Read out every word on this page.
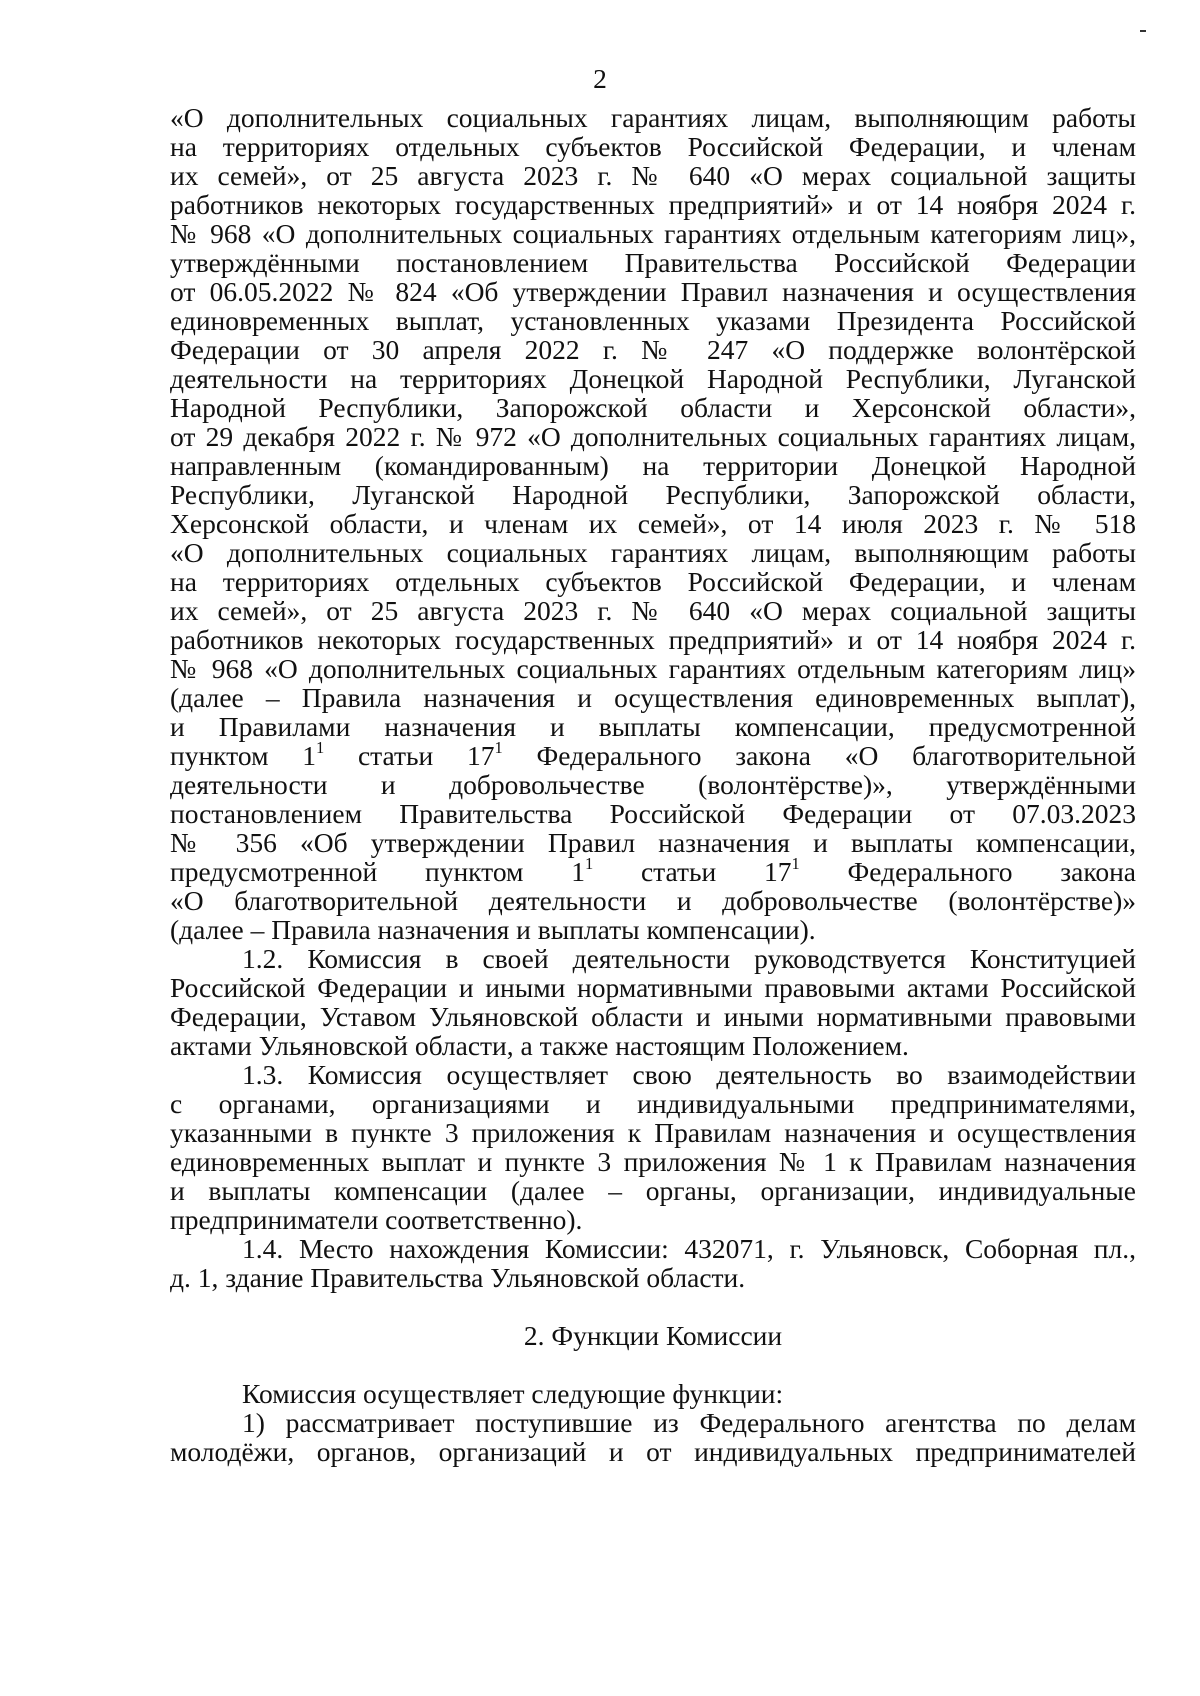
2
«О дополнительных социальных гарантиях лицам, выполняющим работы
на территориях отдельных субъектов Российской Федерации, и членам
их семей», от 25 августа 2023 г. № 640 «О мерах социальной защиты
работников некоторых государственных предприятий» и от 14 ноября 2024 г.
№ 968 «О дополнительных социальных гарантиях отдельным категориям лиц»,
утверждёнными постановлением Правительства Российской Федерации
от 06.05.2022 № 824 «Об утверждении Правил назначения и осуществления
единовременных выплат, установленных указами Президента Российской
Федерации от 30 апреля 2022 г. № 247 «О поддержке волонтёрской
деятельности на территориях Донецкой Народной Республики, Луганской
Народной Республики, Запорожской области и Херсонской области»,
от 29 декабря 2022 г. № 972 «О дополнительных социальных гарантиях лицам,
направленным (командированным) на территории Донецкой Народной
Республики, Луганской Народной Республики, Запорожской области,
Херсонской области, и членам их семей», от 14 июля 2023 г. № 518
«О дополнительных социальных гарантиях лицам, выполняющим работы
на территориях отдельных субъектов Российской Федерации, и членам
их семей», от 25 августа 2023 г. № 640 «О мерах социальной защиты
работников некоторых государственных предприятий» и от 14 ноября 2024 г.
№ 968 «О дополнительных социальных гарантиях отдельным категориям лиц»
(далее – Правила назначения и осуществления единовременных выплат),
и Правилами назначения и выплаты компенсации, предусмотренной
пунктом $1^1$ статьи $17^1$ Федерального закона «О благотворительной
деятельности и добровольчестве (волонтёрстве)», утверждёнными
постановлением Правительства Российской Федерации от 07.03.2023
№ 356 «Об утверждении Правил назначения и выплаты компенсации,
предусмотренной пунктом $1^1$ статьи $17^1$ Федерального закона
«О благотворительной деятельности и добровольчестве (волонтёрстве)»
(далее – Правила назначения и выплаты компенсации).
1.2. Комиссия в своей деятельности руководствуется Конституцией
Российской Федерации и иными нормативными правовыми актами Российской
Федерации, Уставом Ульяновской области и иными нормативными правовыми
актами Ульяновской области, а также настоящим Положением.
1.3. Комиссия осуществляет свою деятельность во взаимодействии
с органами, организациями и индивидуальными предпринимателями,
указанными в пункте 3 приложения к Правилам назначения и осуществления
единовременных выплат и пункте 3 приложения № 1 к Правилам назначения
и выплаты компенсации (далее – органы, организации, индивидуальные
предприниматели соответственно).
1.4. Место нахождения Комиссии: 432071, г. Ульяновск, Соборная пл.,
д. 1, здание Правительства Ульяновской области.
2. Функции Комиссии
Комиссия осуществляет следующие функции:
1) рассматривает поступившие из Федерального агентства по делам
молодёжи, органов, организаций и от индивидуальных предпринимателей
